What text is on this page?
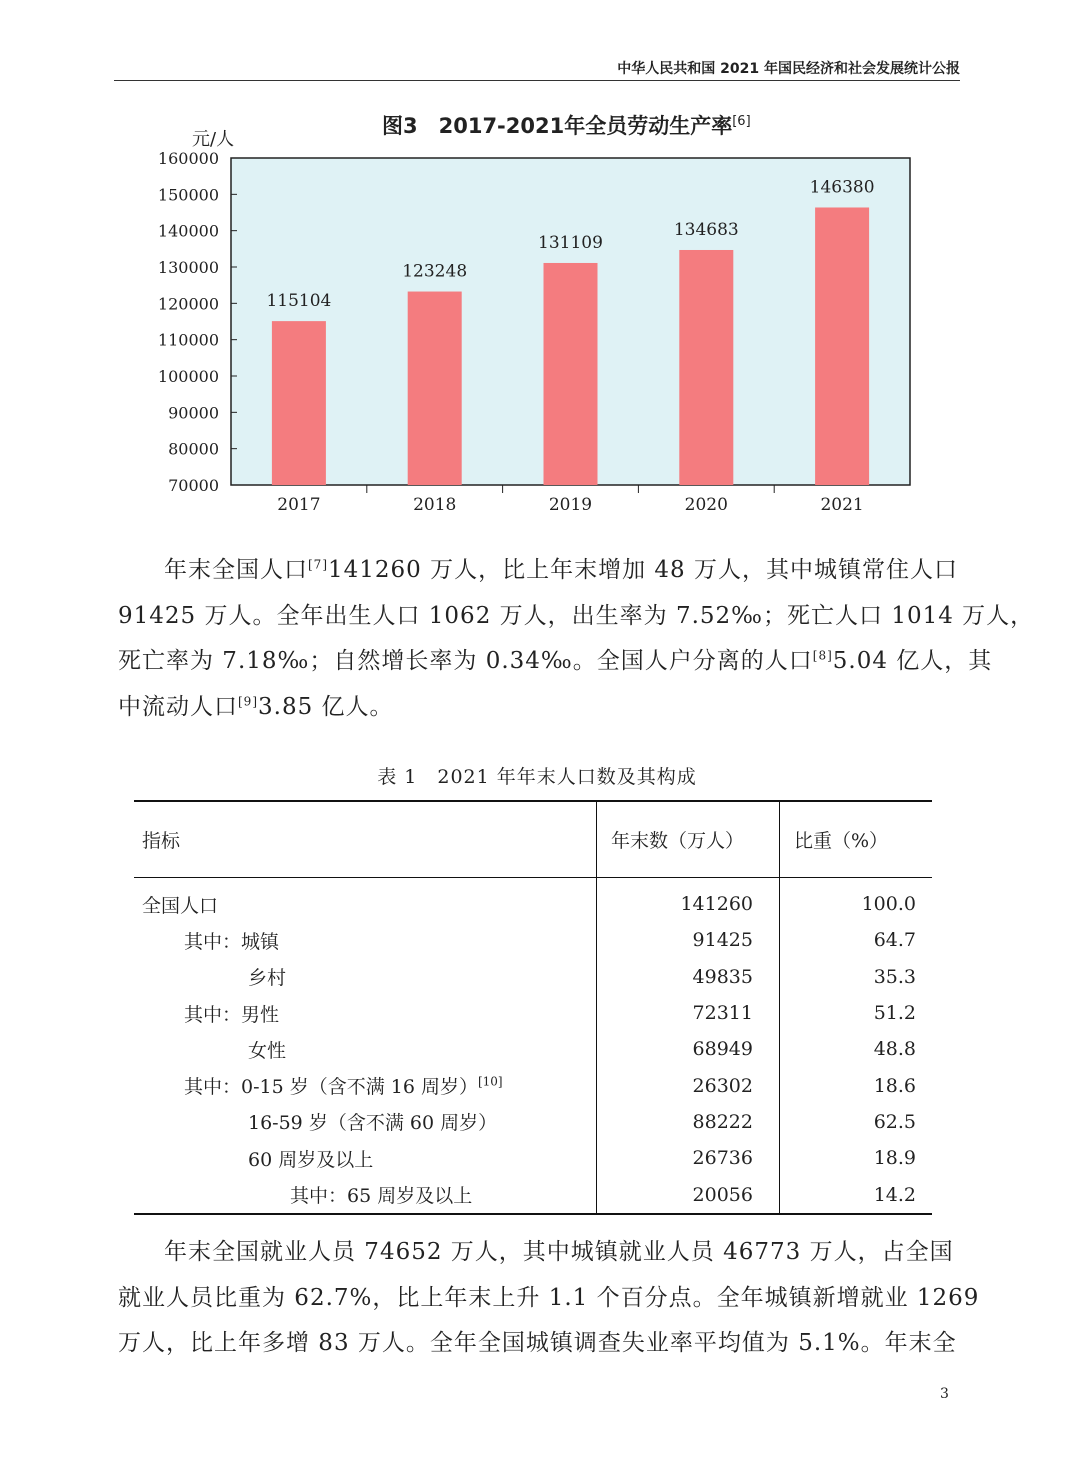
中华人民共和国 2021 年国民经济和社会发展统计公报
图3　2017-2021年全员劳动生产率[6]
元/人
70000
80000
90000
100000
110000
120000
130000
140000
150000
160000
115104
2017
123248
2018
131109
2019
134683
2020
146380
2021
年末全国人口[7]141260 万人，比上年末增加 48 万人，其中城镇常住人口
91425 万人。全年出生人口 1062 万人，出生率为 7.52‰；死亡人口 1014 万人，
死亡率为 7.18‰；自然增长率为 0.34‰。全国人户分离的人口[8]5.04 亿人，其
中流动人口[9]3.85 亿人。
表 1　2021 年年末人口数及其构成
指标	年末数（万人）	比重（%）
全国人口	141260	100.0
其中：城镇	91425	64.7
乡村	49835	35.3
其中：男性	72311	51.2
女性	68949	48.8
其中：0-15 岁（含不满 16 周岁）[10]	26302	18.6
16-59 岁（含不满 60 周岁）	88222	62.5
60 周岁及以上	26736	18.9
其中：65 周岁及以上	20056	14.2
年末全国就业人员 74652 万人，其中城镇就业人员 46773 万人，占全国
就业人员比重为 62.7%，比上年末上升 1.1 个百分点。全年城镇新增就业 1269
万人，比上年多增 83 万人。全年全国城镇调查失业率平均值为 5.1%。年末全
3
